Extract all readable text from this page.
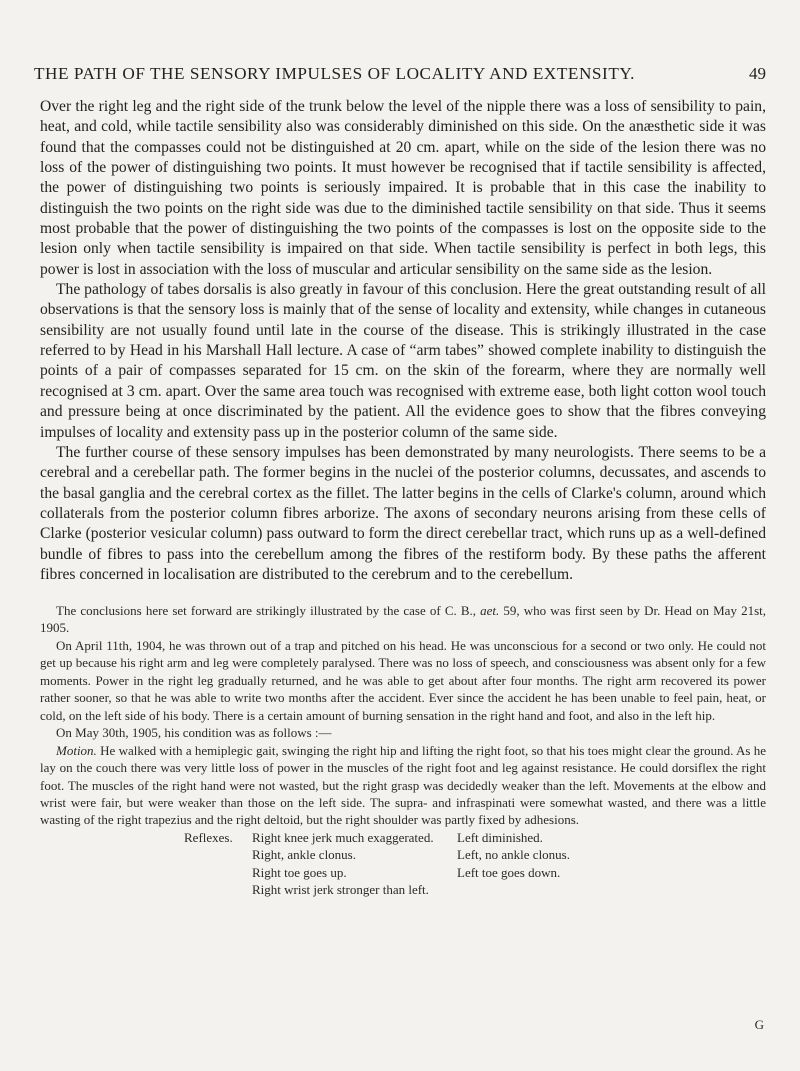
THE PATH OF THE SENSORY IMPULSES OF LOCALITY AND EXTENSITY.	49

Over the right leg and the right side of the trunk below the level of the nipple there was a loss of sensibility to pain, heat, and cold, while tactile sensibility also was considerably diminished on this side. On the anæsthetic side it was found that the compasses could not be distinguished at 20 cm. apart, while on the side of the lesion there was no loss of the power of distinguishing two points. It must however be recognised that if tactile sensibility is affected, the power of distinguishing two points is seriously impaired. It is probable that in this case the inability to distinguish the two points on the right side was due to the diminished tactile sensibility on that side. Thus it seems most probable that the power of distinguishing the two points of the compasses is lost on the opposite side to the lesion only when tactile sensibility is impaired on that side. When tactile sensibility is perfect in both legs, this power is lost in association with the loss of muscular and articular sensibility on the same side as the lesion.

The pathology of tabes dorsalis is also greatly in favour of this conclusion. Here the great outstanding result of all observations is that the sensory loss is mainly that of the sense of locality and extensity, while changes in cutaneous sensibility are not usually found until late in the course of the disease. This is strikingly illustrated in the case referred to by Head in his Marshall Hall lecture. A case of “arm tabes” showed complete inability to distinguish the points of a pair of compasses separated for 15 cm. on the skin of the forearm, where they are normally well recognised at 3 cm. apart. Over the same area touch was recognised with extreme ease, both light cotton wool touch and pressure being at once discriminated by the patient. All the evidence goes to show that the fibres conveying impulses of locality and extensity pass up in the posterior column of the same side.

The further course of these sensory impulses has been demonstrated by many neurologists. There seems to be a cerebral and a cerebellar path. The former begins in the nuclei of the posterior columns, decussates, and ascends to the basal ganglia and the cerebral cortex as the fillet. The latter begins in the cells of Clarke's column, around which collaterals from the posterior column fibres arborize. The axons of secondary neurons arising from these cells of Clarke (posterior vesicular column) pass outward to form the direct cerebellar tract, which runs up as a well-defined bundle of fibres to pass into the cerebellum among the fibres of the restiform body. By these paths the afferent fibres concerned in localisation are distributed to the cerebrum and to the cerebellum.

The conclusions here set forward are strikingly illustrated by the case of C. B., aet. 59, who was first seen by Dr. Head on May 21st, 1905.

On April 11th, 1904, he was thrown out of a trap and pitched on his head. He was unconscious for a second or two only. He could not get up because his right arm and leg were completely paralysed. There was no loss of speech, and consciousness was absent only for a few moments. Power in the right leg gradually returned, and he was able to get about after four months. The right arm recovered its power rather sooner, so that he was able to write two months after the accident. Ever since the accident he has been unable to feel pain, heat, or cold, on the left side of his body. There is a certain amount of burning sensation in the right hand and foot, and also in the left hip.

On May 30th, 1905, his condition was as follows :—

Motion. He walked with a hemiplegic gait, swinging the right hip and lifting the right foot, so that his toes might clear the ground. As he lay on the couch there was very little loss of power in the muscles of the right foot and leg against resistance. He could dorsiflex the right foot. The muscles of the right hand were not wasted, but the right grasp was decidedly weaker than the left. Movements at the elbow and wrist were fair, but were weaker than those on the left side. The supra- and infraspinati were somewhat wasted, and there was a little wasting of the right trapezius and the right deltoid, but the right shoulder was partly fixed by adhesions.

Reflexes.	Right knee jerk much exaggerated.	Left diminished.
Right, ankle clonus.	Left, no ankle clonus.
Right toe goes up.	Left toe goes down.
Right wrist jerk stronger than left.
G
